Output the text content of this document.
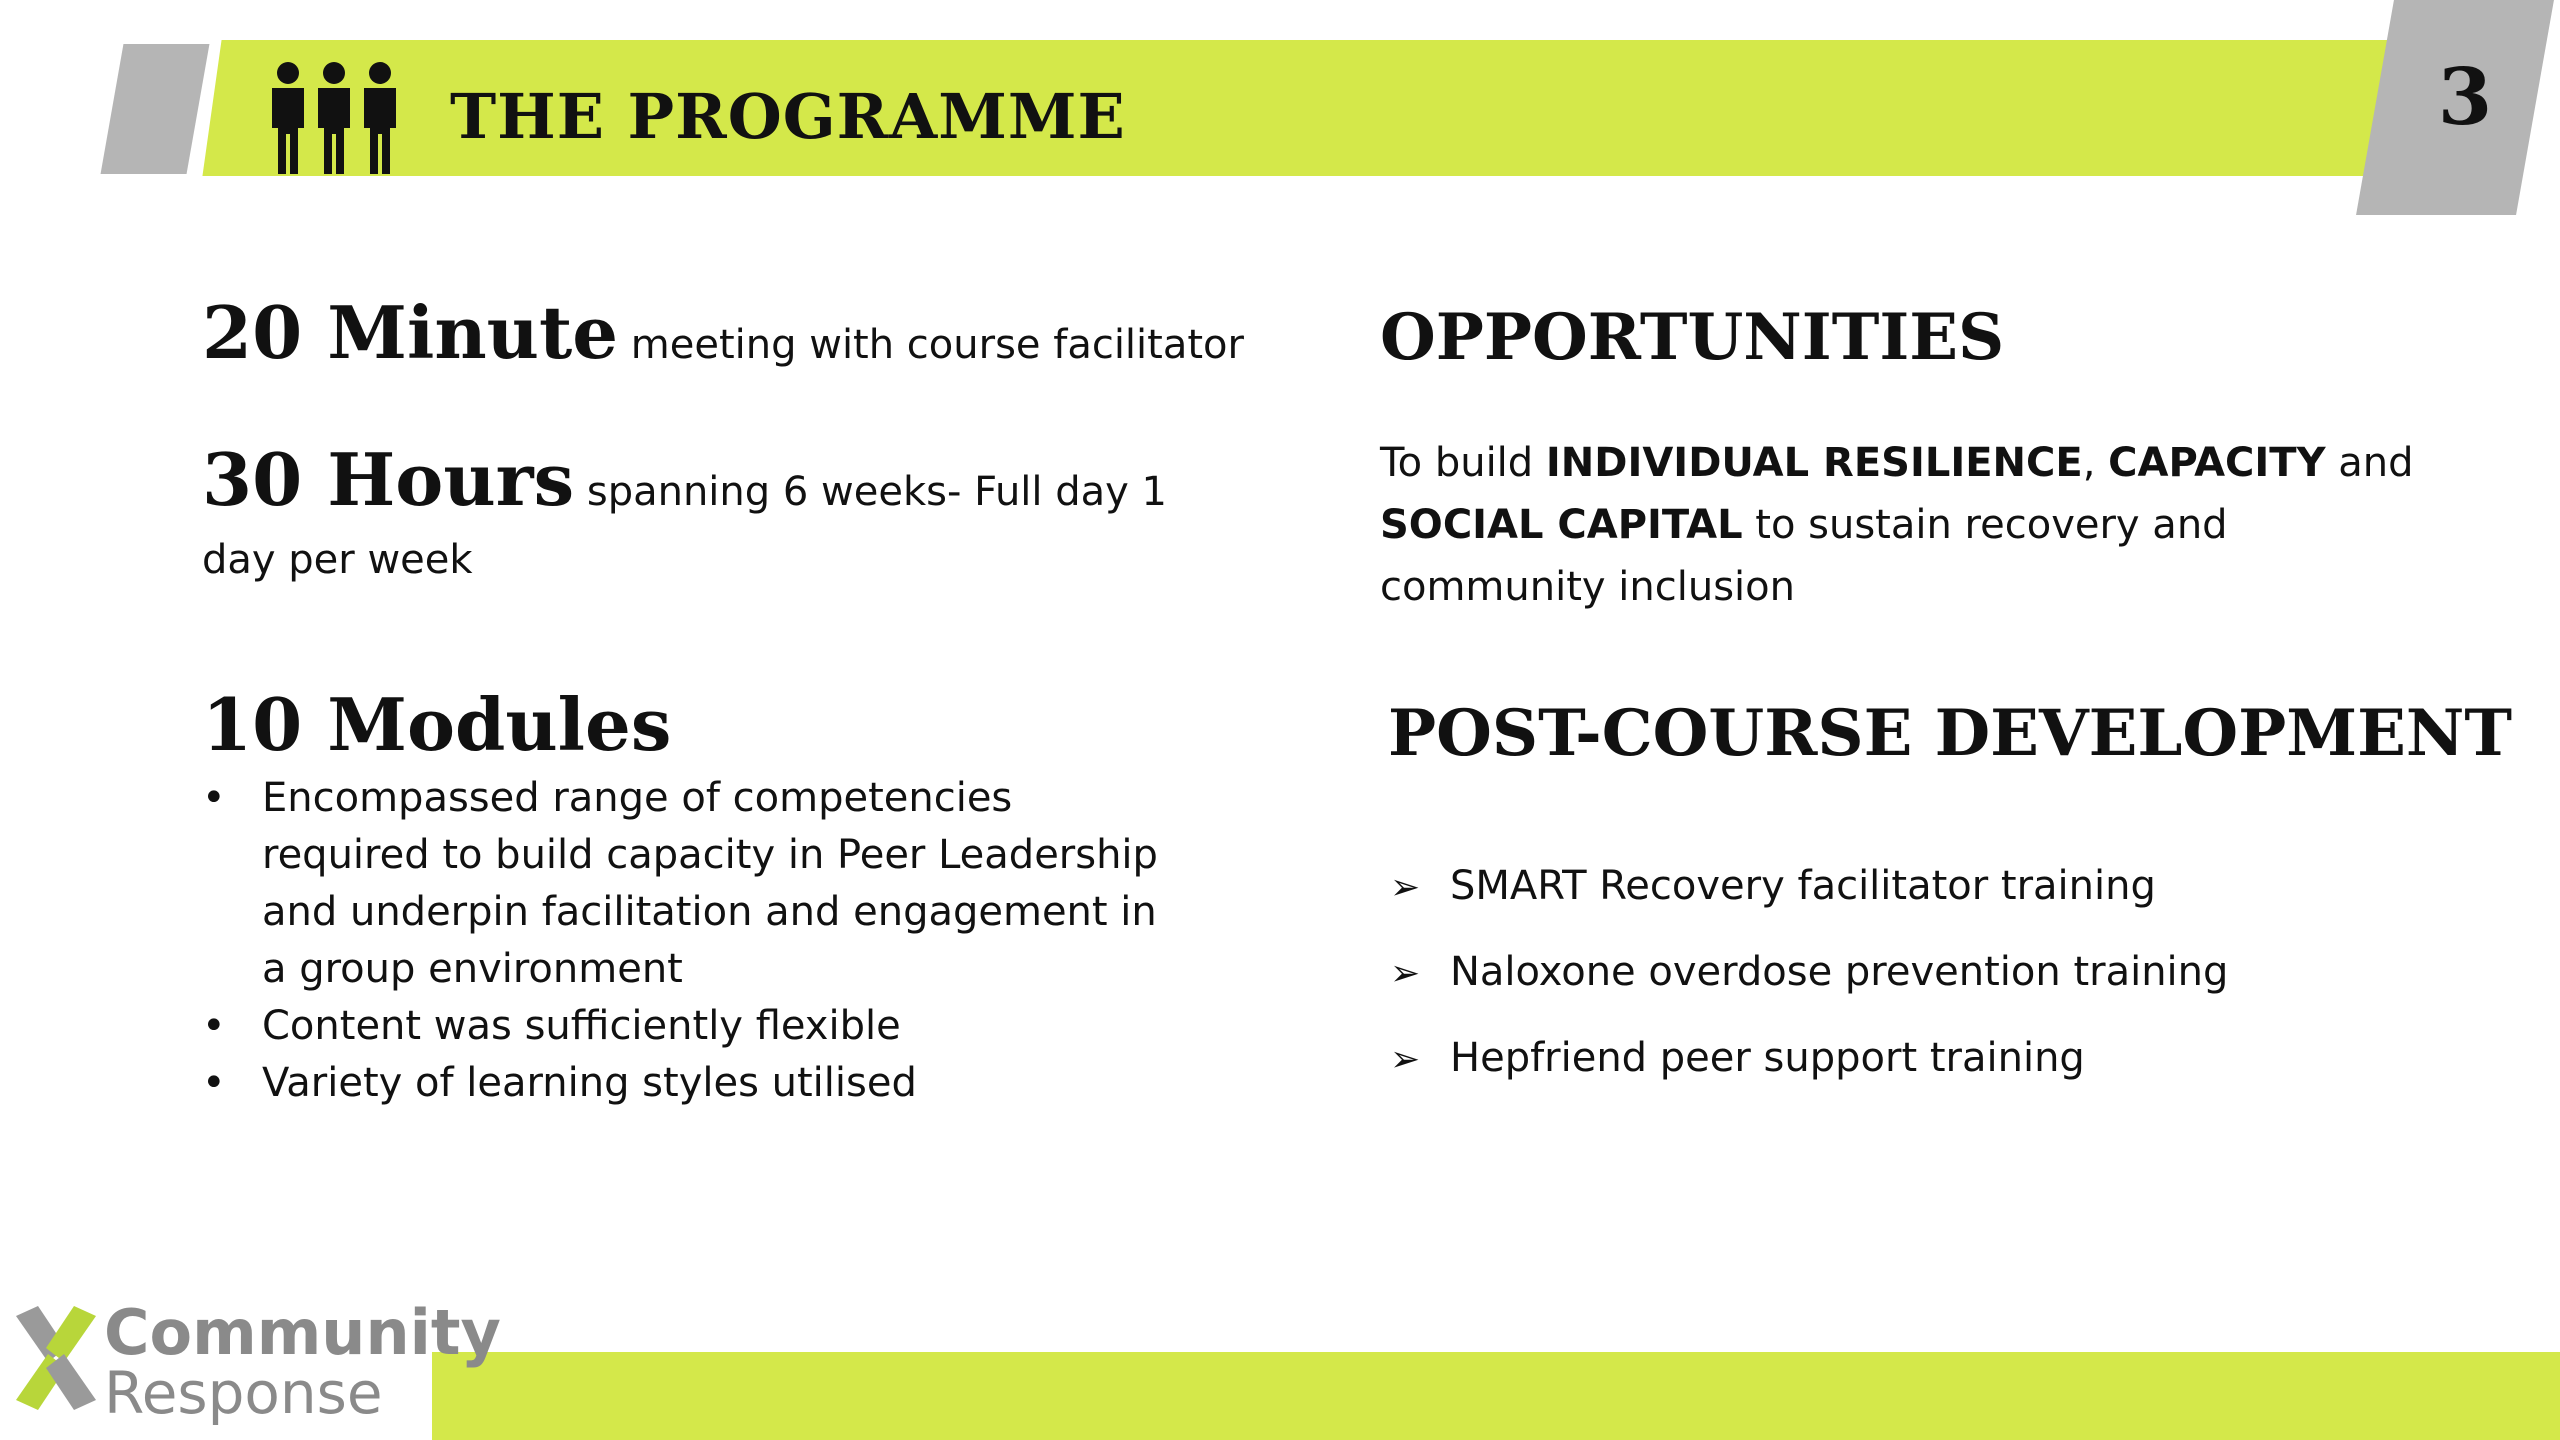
3
THE PROGRAMME
20 Minute meeting with course facilitator
30 Hours spanning 6 weeks- Full day 1 day per week
10 Modules
• Encompassed range of competencies required to build capacity in Peer Leadership and underpin facilitation and engagement in a group environment
• Content was sufficiently flexible
• Variety of learning styles utilised
OPPORTUNITIES
To build INDIVIDUAL RESILIENCE, CAPACITY and SOCIAL CAPITAL to sustain recovery and community inclusion
POST-COURSE DEVELOPMENT
➢ SMART Recovery facilitator training
➢ Naloxone overdose prevention training
➢ Hepfriend peer support training
Community
Response
